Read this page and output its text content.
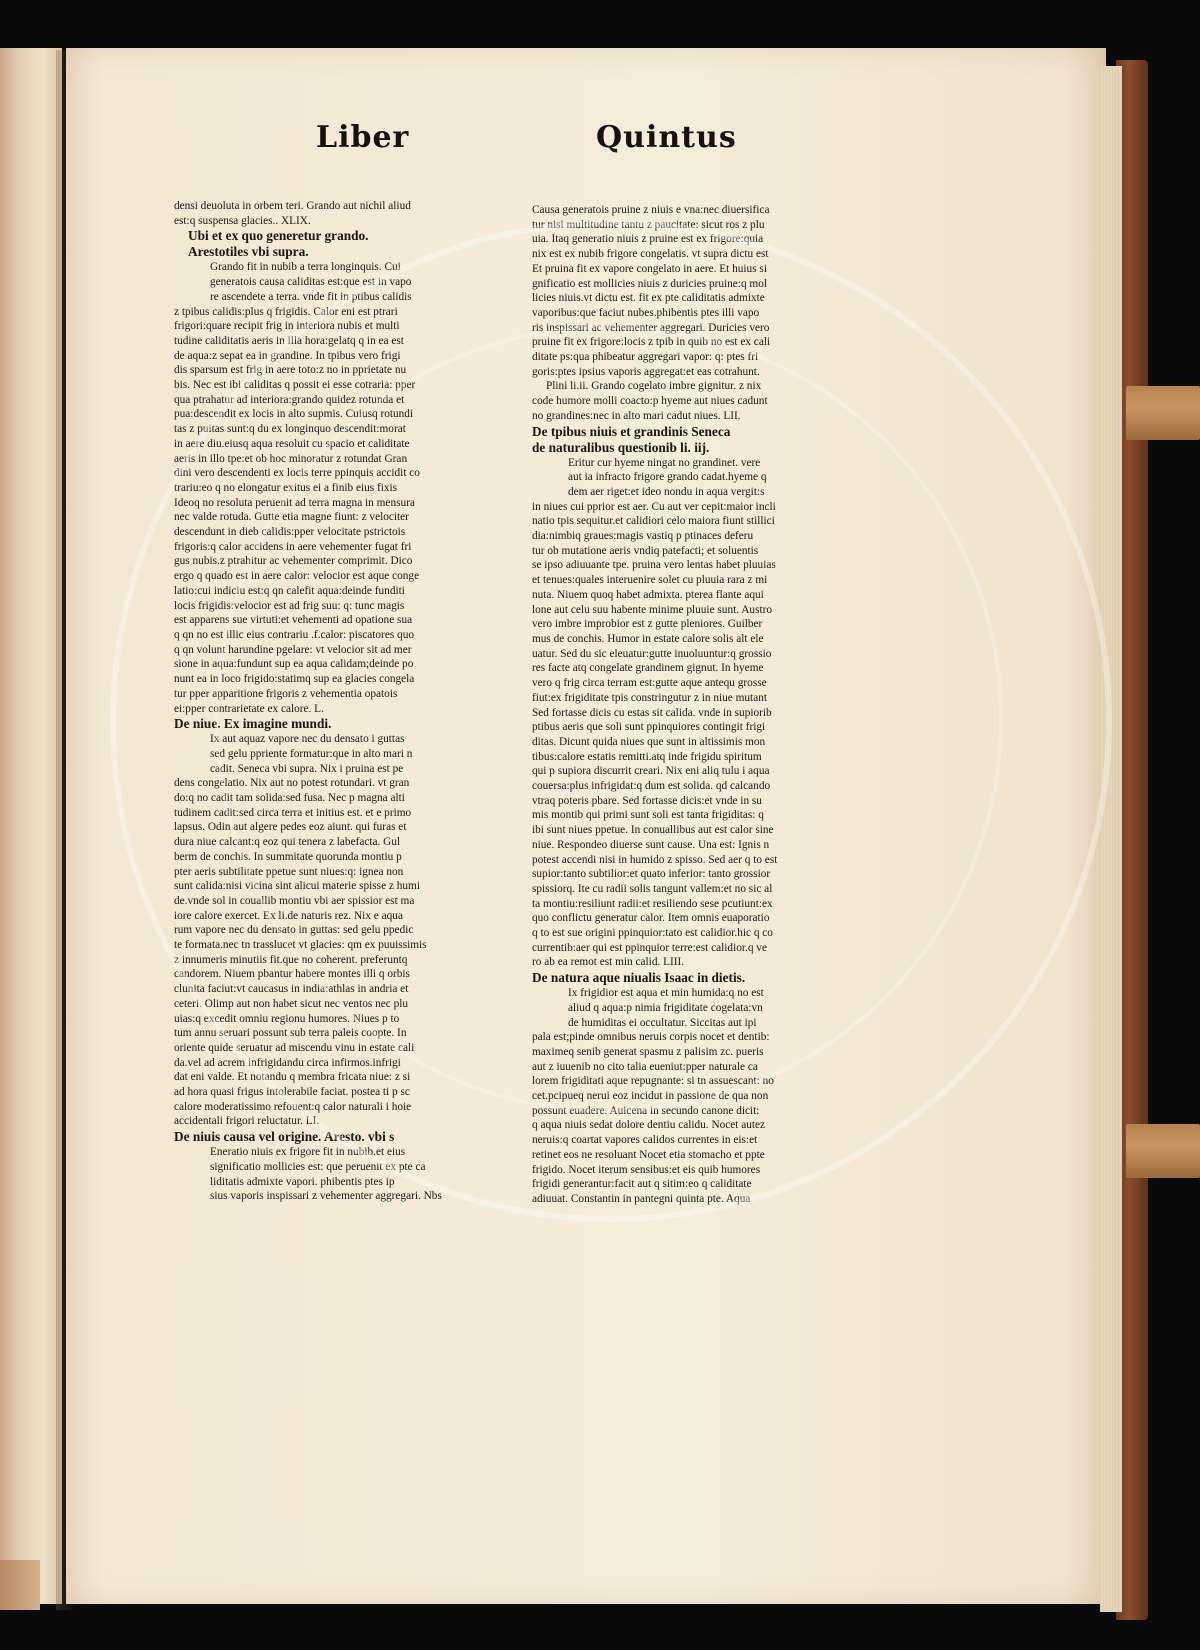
Liber	Quintus
densi deuoluta in orbem teri. Grando aut nichil aliud
est:q suspensa glacies.. XLIX.
Ubi et ex quo generetur grando.
Arestotiles vbi supra.
Grando fit in nubib a terra longinquis. Cui
generatois causa caliditas est:que est in vapo
re ascendete a terra. vnde fit in ptibus calidis
z tpibus calidis:plus q frigidis. Calor eni est ptrari
frigori:quare recipit frig in interiora nubis et multi
tudine caliditatis aeris in illa hora:gelatq q in ea est
de aqua:z sepat ea in grandine. In tpibus vero frigi
dis sparsum est frig in aere toto:z no in pprietate nu
bis. Nec est ibi caliditas q possit ei esse cotraria: pper
qua ptrahatur ad interiora:grando quidez rotunda et
pua:descendit ex locis in alto supmis. Cuiusq rotundi
tas z puitas sunt:q du ex longinquo descendit:morat
in aere diu.eiusq aqua resoluit cu spacio et caliditate
aeris in illo tpe:et ob hoc minoratur z rotundat Gran
dini vero descendenti ex locis terre ppinquis accidit co
trariu:eo q no elongatur exitus ei a finib eius fixis
Ideoq no resoluta peruenit ad terra magna in mensura
nec valde rotuda. Gutte etia magne fiunt: z velociter
descendunt in dieb calidis:pper velocitate pstrictois
frigoris:q calor accidens in aere vehementer fugat fri
gus nubis.z ptrahitur ac vehementer comprimit. Dico
ergo q quado est in aere calor: velocior est aque conge
latio:cui indiciu est:q qn calefit aqua:deinde funditi
locis frigidis:velocior est ad frig suu: q: tunc magis
est apparens sue virtuti:et vehementi ad opatione sua
q qn no est illic eius contrariu .f.calor: piscatores quo
q qn volunt harundine pgelare: vt velocior sit ad mer
sione in aqua:fundunt sup ea aqua calidam;deinde po
nunt ea in loco frigido:statimq sup ea glacies congela
tur pper apparitione frigoris z vehementia opatois
ei:pper contrarietate ex calore. L.
De niue. Ex imagine mundi.
Ix aut aquaz vapore nec du densato i guttas
sed gelu ppriente formatur:que in alto mari n
cadit. Seneca vbi supra. Nix i pruina est pe
dens congelatio. Nix aut no potest rotundari. vt gran
do:q no cadit tam solida:sed fusa. Nec p magna alti
tudinem cadit:sed circa terra et initius est. et e primo
lapsus. Odin aut algere pedes eoz aiunt. qui furas et
dura niue calcant:q eoz qui tenera z labefacta. Gul
berm de conchis. In summitate quorunda montiu p
pter aeris subtilitate ppetue sunt niues:q: ignea non
sunt calida:nisi vicina sint alicui materie spisse z humi
de.vnde sol in couallib montiu vbi aer spissior est ma
iore calore exercet. Ex li.de naturis rez. Nix e aqua
rum vapore nec du densato in guttas: sed gelu ppedic
te formata.nec tn trasslucet vt glacies: qm ex puuissimis
z innumeris minutiis fit.que no coherent. preferuntq
candorem. Niuem pbantur habere montes illi q orbis
clunita faciut:vt caucasus in india:athlas in andria et
ceteri. Olimp aut non habet sicut nec ventos nec plu
uias:q excedit omniu regionu humores. Niues p to
tum annu seruari possunt sub terra paleis coopte. In
oriente quide seruatur ad miscendu vinu in estate cali
da.vel ad acrem infrigidandu circa infirmos.infrigi
dat eni valde. Et notandu q membra fricata niue: z si
ad hora quasi frigus intolerabile faciat. postea ti p sc
calore moderatissimo refouent:q calor naturali i hoie
accidentali frigori reluctatur. LI.
De niuis causa vel origine. Aresto. vbi s
Eneratio niuis ex frigore fit in nubib.et eius
significatio mollicies est: que peruenit ex pte ca
liditatis admixte vapori. phibentis ptes ip
sius vaporis inspissari z vehementer aggregari. Nbs
Causa generatois pruine z niuis e vna:nec diuersifica
tur nisi multitudine tantu z paucitate: sicut ros z plu
uia. Itaq generatio niuis z pruine est ex frigore:quia
nix est ex nubib frigore congelatis. vt supra dictu est
Et pruina fit ex vapore congelato in aere. Et huius si
gnificatio est mollicies niuis z duricies pruine:q mol
licies niuis.vt dictu est. fit ex pte caliditatis admixte
vaporibus:que faciut nubes.phibentis ptes illi vapo
ris inspissari ac vehementer aggregari. Duricies vero
pruine fit ex frigore:locis z tpib in quib no est ex cali
ditate ps:qua phibeatur aggregari vapor: q: ptes fri
goris:ptes ipsius vaporis aggregat:et eas cotrahunt.
Plini li.ii. Grando cogelato imbre gignitur. z nix
code humore molli coacto:p hyeme aut niues cadunt
no grandines:nec in alto mari cadut niues. LII.
De tpibus niuis et grandinis Seneca
de naturalibus questionib li. iij.
Eritur cur hyeme ningat no grandinet. vere
aut ia infracto frigore grando cadat.hyeme q
dem aer riget:et ideo nondu in aqua vergit:s
in niues cui pprior est aer. Cu aut ver cepit:maior incli
natio tpis sequitur.et calidiori celo maiora fiunt stillici
dia:nimbiq graues:magis vastiq p ptinaces deferu
tur ob mutatione aeris vndiq patefacti; et soluentis
se ipso adiuuante tpe. pruina vero lentas habet pluuias
et tenues:quales interuenire solet cu pluuia rara z mi
nuta. Niuem quoq habet admixta. pterea flante aqui
lone aut celu suu habente minime pluuie sunt. Austro
vero imbre improbior est z gutte pleniores. Guilber
mus de conchis. Humor in estate calore solis alt ele
uatur. Sed du sic eleuatur:gutte inuoluuntur:q grossio
res facte atq congelate grandinem gignut. In hyeme
vero q frig circa terram est:gutte aque antequ grosse
fiut:ex frigiditate tpis constringutur z in niue mutant
Sed fortasse dicis cu estas sit calida. vnde in supiorib
ptibus aeris que soli sunt ppinquiores contingit frigi
ditas. Dicunt quida niues que sunt in altissimis mon
tibus:calore estatis remitti.atq inde frigidu spiritum
qui p supiora discurrit creari. Nix eni aliq tulu i aqua
couersa:plus infrigidat:q dum est solida. qd calcando
vtraq poteris pbare. Sed fortasse dicis:et vnde in su
mis montib qui primi sunt soli est tanta frigiditas: q
ibi sunt niues ppetue. In conuallibus aut est calor sine
niue. Respondeo diuerse sunt cause. Una est: Ignis n
potest accendi nisi in humido z spisso. Sed aer q to est
supior:tanto subtilior:et quato inferior: tanto grossior
spissiorq. Ite cu radii solis tangunt vallem:et no sic al
ta montiu:resiliunt radii:et resiliendo sese pcutiunt:ex
quo conflictu generatur calor. Item omnis euaporatio
q to est sue origini ppinquior:tato est calidior.hic q co
currentib:aer qui est ppinquior terre:est calidior.q ve
ro ab ea remot est min calid. LIII.
De natura aque niualis Isaac in dietis.
Ix frigidior est aqua et min humida:q no est
aliud q aqua:p nimia frigiditate cogelata:vn
de humiditas ei occultatur. Siccitas aut ipi
pala est;pinde omnibus neruis corpis nocet et dentib:
maximeq senib generat spasmu z palisim zc. pueris
aut z iuuenib no cito talia eueniut:pper naturale ca
lorem frigiditati aque repugnante: si tn assuescant: no
cet.pcipueq nerui eoz incidut in passione de qua non
possunt euadere. Auicena in secundo canone dicit:
q aqua niuis sedat dolore dentiu calidu. Nocet autez
neruis:q coartat vapores calidos currentes in eis:et
retinet eos ne resoluant Nocet etia stomacho et ppte
frigido. Nocet iterum sensibus:et eis quib humores
frigidi generantur:facit aut q sitim:eo q caliditate
adiuuat. Constantin in pantegni quinta pte. Aqua
